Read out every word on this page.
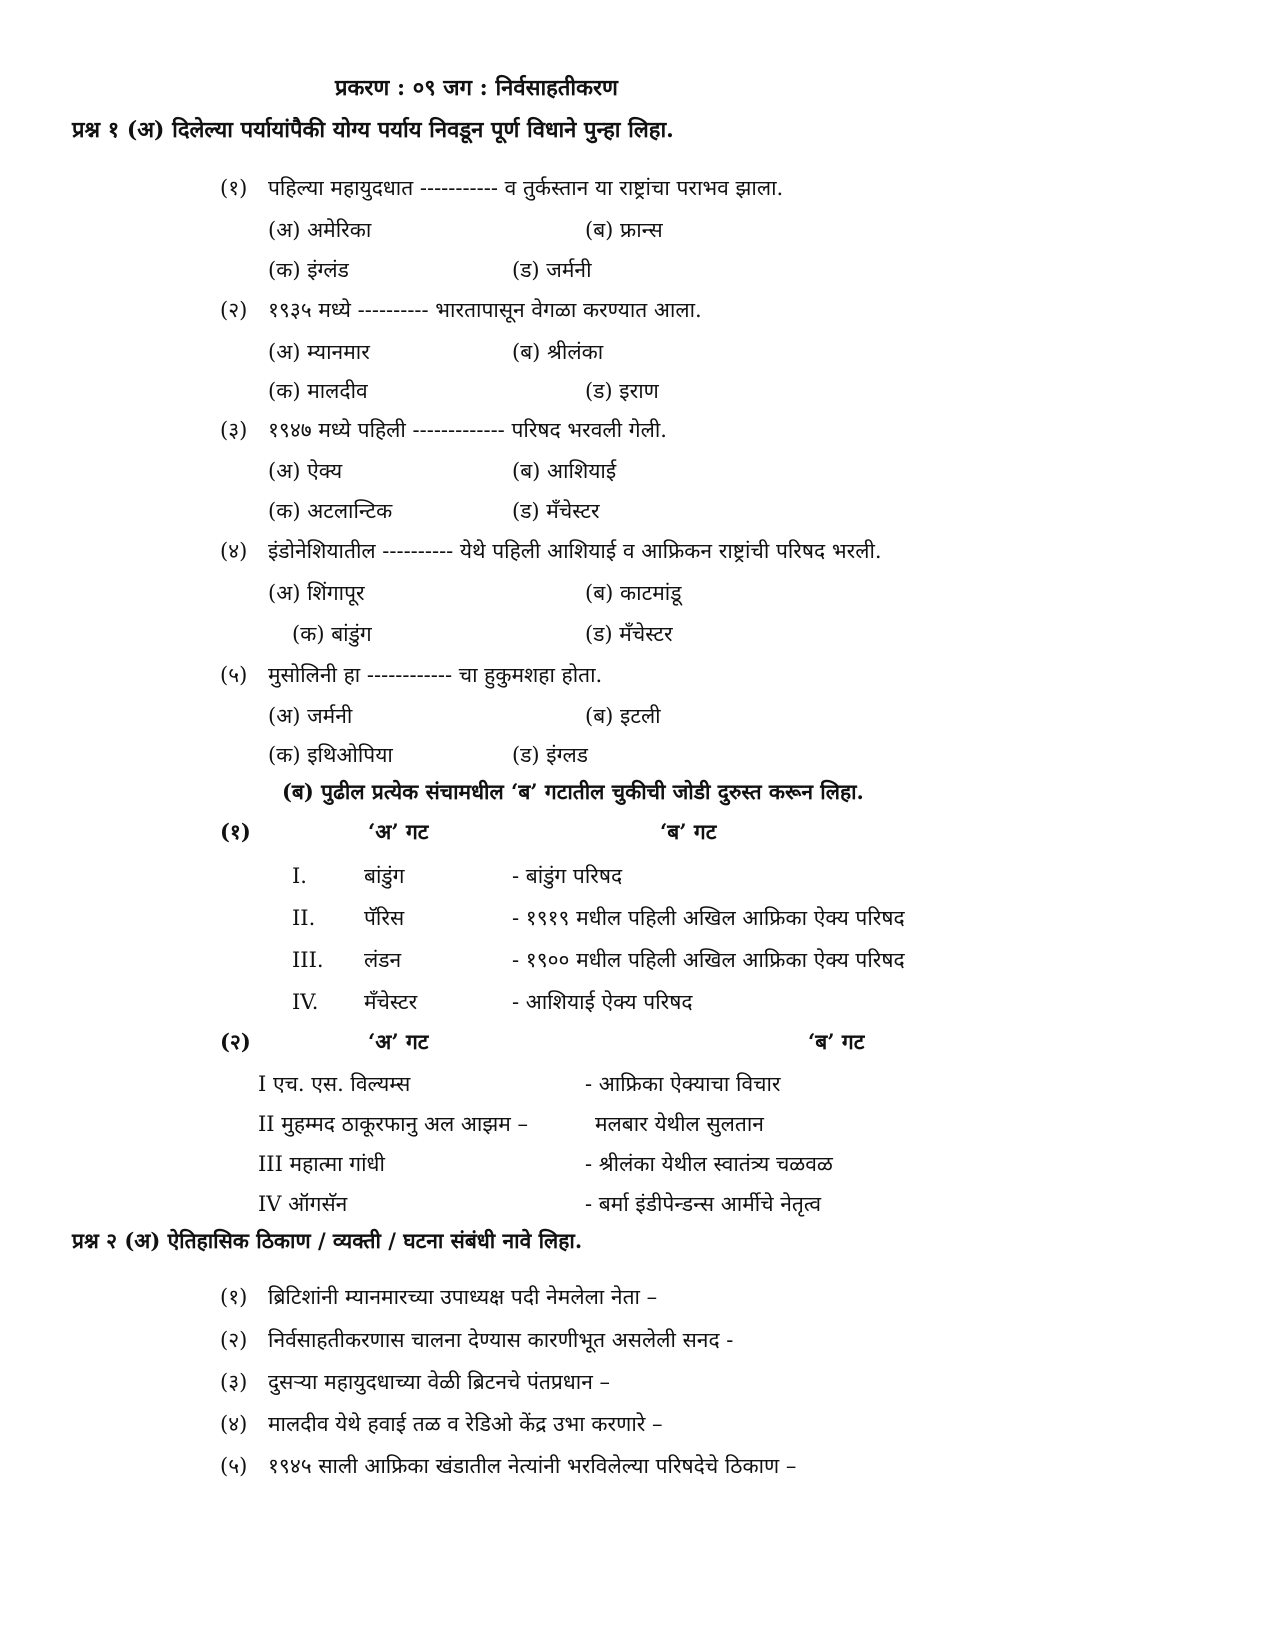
प्रकरण : ०९ जग : निर्वसाहतीकरण
प्रश्न १ (अ) दिलेल्या पर्यायांपैकी योग्य पर्याय निवडून पूर्ण विधाने पुन्हा लिहा.
(१) पहिल्या महायुदधात ----------- व तुर्कस्तान या राष्ट्रांचा पराभव झाला.
(अ) अमेरिका	(ब) फ्रान्स
(क) इंग्लंड	(ड) जर्मनी
(२) १९३५ मध्ये ---------- भारतापासून वेगळा करण्यात आला.
(अ) म्यानमार	(ब) श्रीलंका
(क) मालदीव	(ड) इराण
(३) १९४७ मध्ये पहिली ------------- परिषद भरवली गेली.
(अ) ऐक्य	(ब) आशियाई
(क) अटलान्टिक	(ड) मँचेस्टर
(४) इंडोनेशियातील ---------- येथे पहिली आशियाई व आफ्रिकन राष्ट्रांची परिषद भरली.
(अ) शिंगापूर	(ब) काटमांडू
(क) बांडुंग	(ड) मँचेस्टर
(५) मुसोलिनी हा ------------ चा हुकुमशहा होता.
(अ) जर्मनी	(ब) इटली
(क) इथिओपिया	(ड) इंग्लड
(ब) पुढील प्रत्येक संचामधील ‘ब’ गटातील चुकीची जोडी दुरुस्त करून लिहा.
(१)	‘अ’ गट	‘ब’ गट
I.	बांडुंग	- बांडुंग परिषद
II. पॅरिस	- १९१९ मधील पहिली अखिल आफ्रिका ऐक्य परिषद
III. लंडन	- १९०० मधील पहिली अखिल आफ्रिका ऐक्य परिषद
IV. मँचेस्टर	- आशियाई ऐक्य परिषद
(२)	‘अ’ गट	‘ब’ गट
I एच. एस. विल्यम्स	- आफ्रिका ऐक्याचा विचार
II मुहम्मद ठाकूरफानु अल आझम –	मलबार येथील सुलतान
III महात्मा गांधी	- श्रीलंका येथील स्वातंत्र्य चळवळ
IV ऑगसॅन	- बर्मा इंडीपेन्डन्स आर्मीचे नेतृत्व
प्रश्न २ (अ) ऐतिहासिक ठिकाण / व्यक्ती / घटना संबंधी नावे लिहा.
(१) ब्रिटिशांनी म्यानमारच्या उपाध्यक्ष पदी नेमलेला नेता –
(२) निर्वसाहतीकरणास चालना देण्यास कारणीभूत असलेली सनद -
(३) दुसऱ्या महायुदधाच्या वेळी ब्रिटनचे पंतप्रधान –
(४) मालदीव येथे हवाई तळ व रेडिओ केंद्र उभा करणारे –
(५) १९४५ साली आफ्रिका खंडातील नेत्यांनी भरविलेल्या परिषदेचे ठिकाण –
